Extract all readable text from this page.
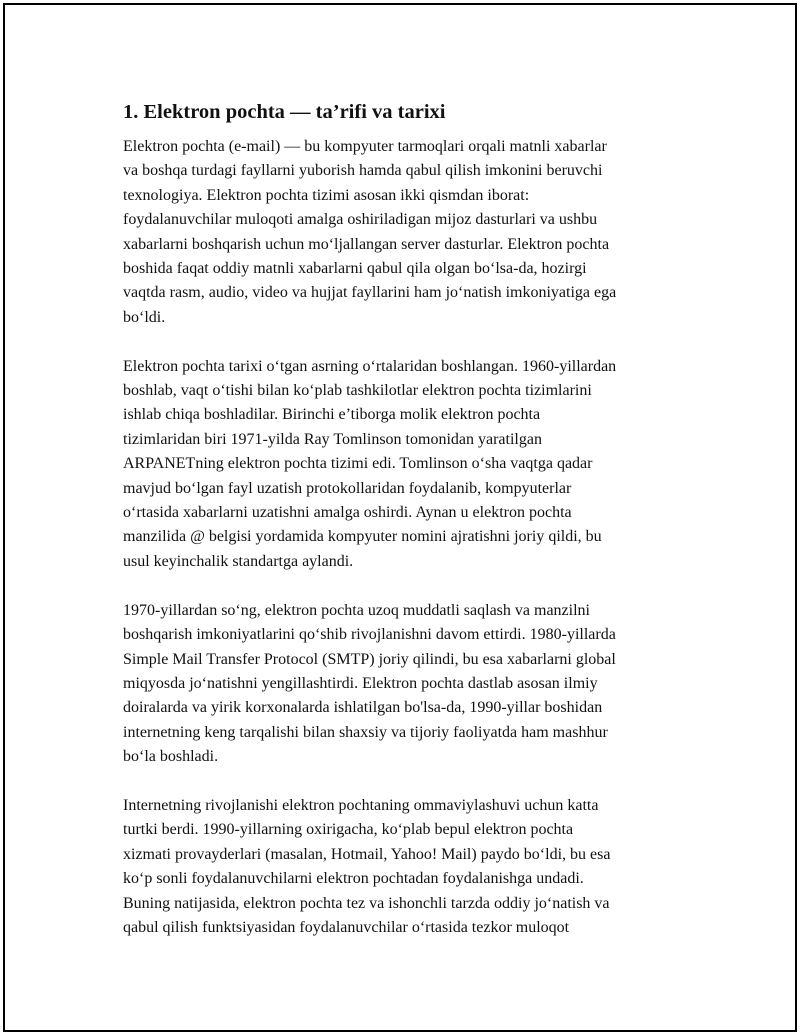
1. Elektron pochta — ta’rifi va tarixi
Elektron pochta (e-mail) — bu kompyuter tarmoqlari orqali matnli xabarlar
va boshqa turdagi fayllarni yuborish hamda qabul qilish imkonini beruvchi
texnologiya. Elektron pochta tizimi asosan ikki qismdan iborat:
foydalanuvchilar muloqoti amalga oshiriladigan mijoz dasturlari va ushbu
xabarlarni boshqarish uchun moʻljallangan server dasturlar. Elektron pochta
boshida faqat oddiy matnli xabarlarni qabul qila olgan boʻlsa-da, hozirgi
vaqtda rasm, audio, video va hujjat fayllarini ham joʻnatish imkoniyatiga ega
boʻldi.
Elektron pochta tarixi oʻtgan asrning oʻrtalaridan boshlangan. 1960-yillardan
boshlab, vaqt oʻtishi bilan koʻplab tashkilotlar elektron pochta tizimlarini
ishlab chiqa boshladilar. Birinchi e’tiborga molik elektron pochta
tizimlaridan biri 1971-yilda Ray Tomlinson tomonidan yaratilgan
ARPANETning elektron pochta tizimi edi. Tomlinson oʻsha vaqtga qadar
mavjud boʻlgan fayl uzatish protokollaridan foydalanib, kompyuterlar
oʻrtasida xabarlarni uzatishni amalga oshirdi. Aynan u elektron pochta
manzilida @ belgisi yordamida kompyuter nomini ajratishni joriy qildi, bu
usul keyinchalik standartga aylandi.
1970-yillardan soʻng, elektron pochta uzoq muddatli saqlash va manzilni
boshqarish imkoniyatlarini qoʻshib rivojlanishni davom ettirdi. 1980-yillarda
Simple Mail Transfer Protocol (SMTP) joriy qilindi, bu esa xabarlarni global
miqyosda joʻnatishni yengillashtirdi. Elektron pochta dastlab asosan ilmiy
doiralarda va yirik korxonalarda ishlatilgan bo'lsa-da, 1990-yillar boshidan
internetning keng tarqalishi bilan shaxsiy va tijoriy faoliyatda ham mashhur
boʻla boshladi.
Internetning rivojlanishi elektron pochtaning ommaviylashuvi uchun katta
turtki berdi. 1990-yillarning oxirigacha, koʻplab bepul elektron pochta
xizmati provayderlari (masalan, Hotmail, Yahoo! Mail) paydo boʻldi, bu esa
koʻp sonli foydalanuvchilarni elektron pochtadan foydalanishga undadi.
Buning natijasida, elektron pochta tez va ishonchli tarzda oddiy joʻnatish va
qabul qilish funktsiyasidan foydalanuvchilar oʻrtasida tezkor muloqot
